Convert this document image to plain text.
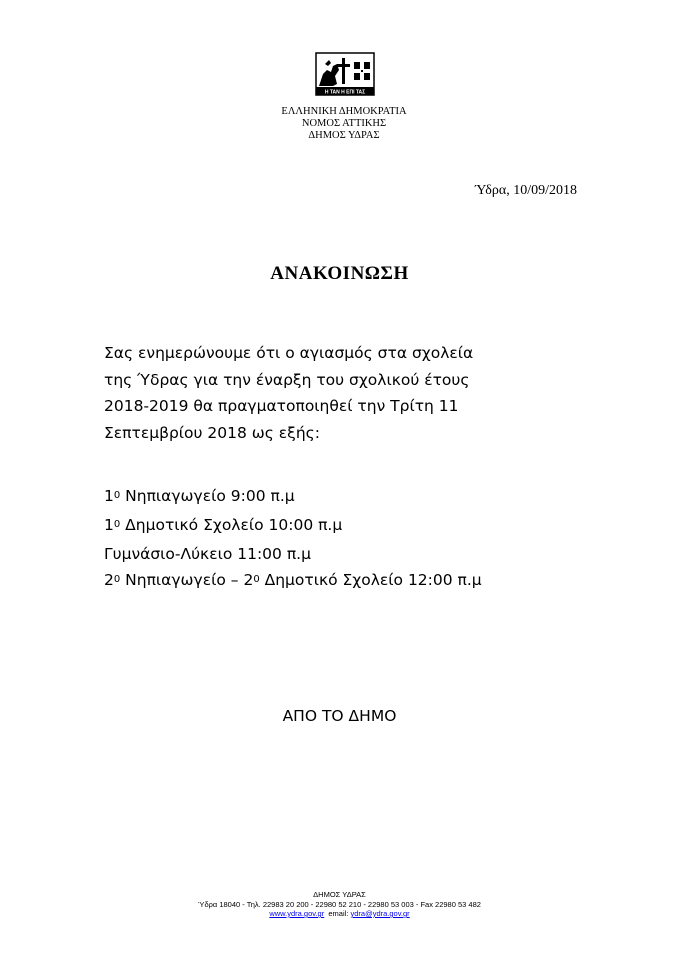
Η ΤΑΝ Η ΕΠΙ ΤΑΣ
ΕΛΛΗΝΙΚΗ ΔΗΜΟΚΡΑΤΙΑ
ΝΟΜΟΣ ΑΤΤΙΚΗΣ
ΔΗΜΟΣ ΥΔΡΑΣ
Ύδρα, 10/09/2018
ΑΝΑΚΟΙΝΩΣΗ

Σας ενημερώνουμε ότι ο αγιασμός στα σχολεία

της Ύδρας για την έναρξη του σχολικού έτους

2018-2019 θα πραγματοποιηθεί την Τρίτη 11

Σεπτεμβρίου 2018 ως εξής:

$1^0$ Νηπιαγωγείο 9:00 π.μ
$1^0$ Δημοτικό Σχολείο 10:00 π.μ
Γυμνάσιο-Λύκειο 11:00 π.μ
$2^0$ Νηπιαγωγείο – $2^0$ Δημοτικό Σχολείο 12:00 π.μ
ΑΠΟ ΤΟ ΔΗΜΟ
ΔΗΜΟΣ ΥΔΡΑΣ
Ύδρα 18040 - Τηλ. 22983 20 200 - 22980 52 210 - 22980 53 003 - Fax 22980 53 482
www.ydra.gov.gr email: ydra@ydra.gov.gr
